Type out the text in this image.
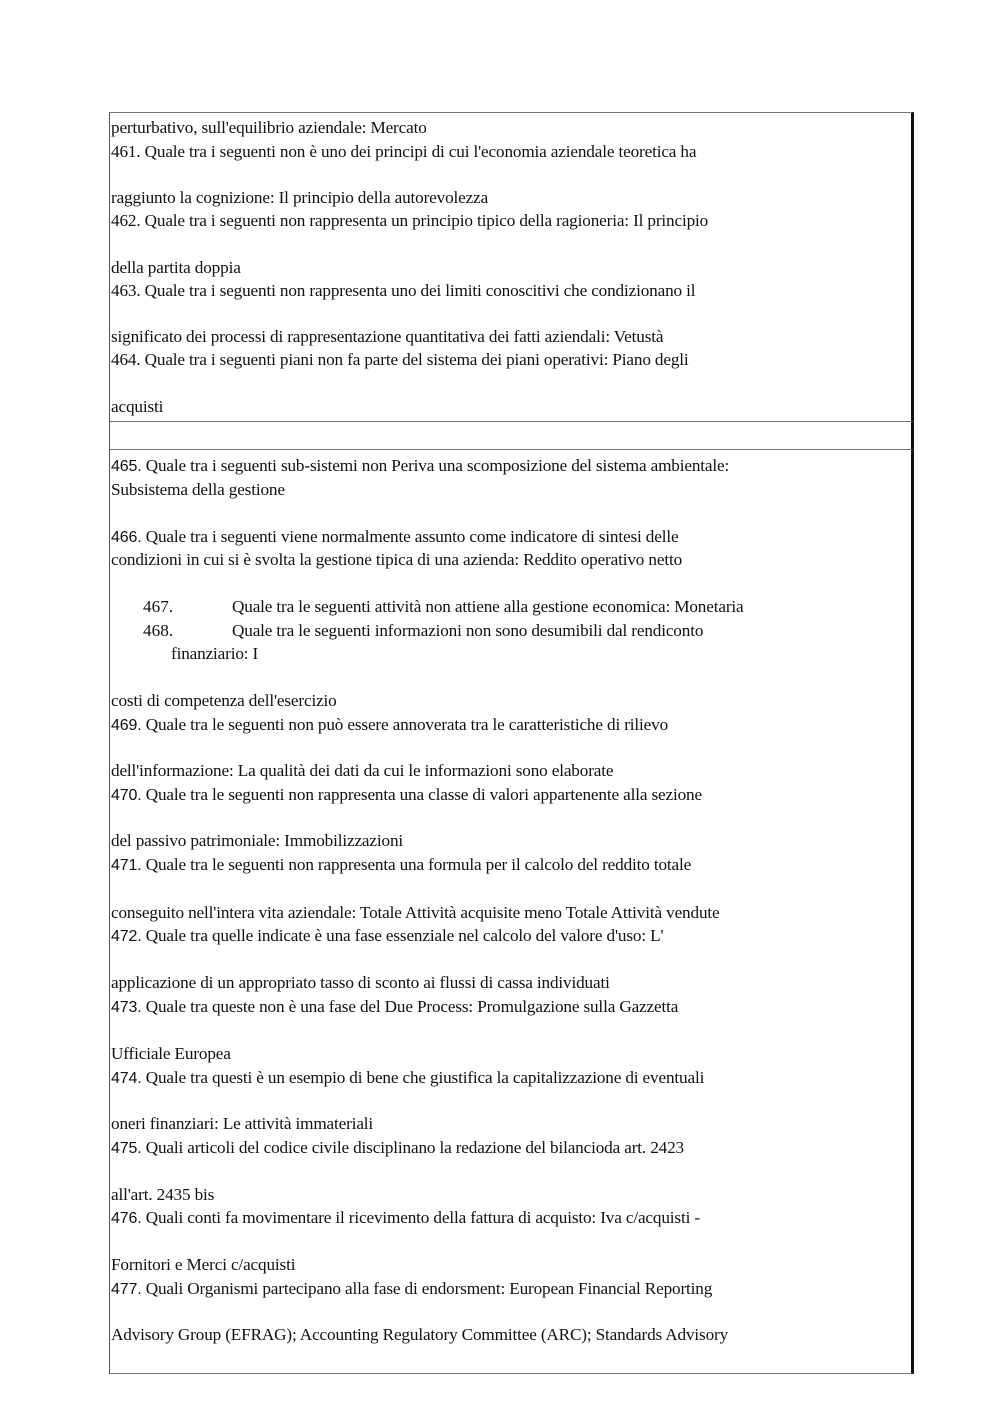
perturbativo, sull'equilibrio aziendale: Mercato
461. Quale tra i seguenti non è uno dei principi di cui l'economia aziendale teoretica ha
raggiunto la cognizione: Il principio della autorevolezza
462. Quale tra i seguenti non rappresenta un principio tipico della ragioneria: Il principio
della partita doppia
463. Quale tra i seguenti non rappresenta uno dei limiti conoscitivi che condizionano il
significato dei processi di rappresentazione quantitativa dei fatti aziendali: Vetustà
464. Quale tra i seguenti piani non fa parte del sistema dei piani operativi: Piano degli
acquisti
465. Quale tra i seguenti sub-sistemi non Periva una scomposizione del sistema ambientale:
Subsistema della gestione
466. Quale tra i seguenti viene normalmente assunto come indicatore di sintesi delle
condizioni in cui si è svolta la gestione tipica di una azienda: Reddito operativo netto
467.	Quale tra le seguenti attività non attiene alla gestione economica: Monetaria
468.	Quale tra le seguenti informazioni non sono desumibili dal rendiconto
finanziario: I
costi di competenza dell'esercizio
469. Quale tra le seguenti non può essere annoverata tra le caratteristiche di rilievo
dell'informazione: La qualità dei dati da cui le informazioni sono elaborate
470. Quale tra le seguenti non rappresenta una classe di valori appartenente alla sezione
del passivo patrimoniale: Immobilizzazioni
471. Quale tra le seguenti non rappresenta una formula per il calcolo del reddito totale
conseguito nell'intera vita aziendale: Totale Attività acquisite meno Totale Attività vendute
472. Quale tra quelle indicate è una fase essenziale nel calcolo del valore d'uso: L'
applicazione di un appropriato tasso di sconto ai flussi di cassa individuati
473. Quale tra queste non è una fase del Due Process: Promulgazione sulla Gazzetta
Ufficiale Europea
474. Quale tra questi è un esempio di bene che giustifica la capitalizzazione di eventuali
oneri finanziari: Le attività immateriali
475. Quali articoli del codice civile disciplinano la redazione del bilancioda art. 2423
all'art. 2435 bis
476. Quali conti fa movimentare il ricevimento della fattura di acquisto: Iva c/acquisti -
Fornitori e Merci c/acquisti
477. Quali Organismi partecipano alla fase di endorsment: European Financial Reporting
Advisory Group (EFRAG); Accounting Regulatory Committee (ARC); Standards Advisory
